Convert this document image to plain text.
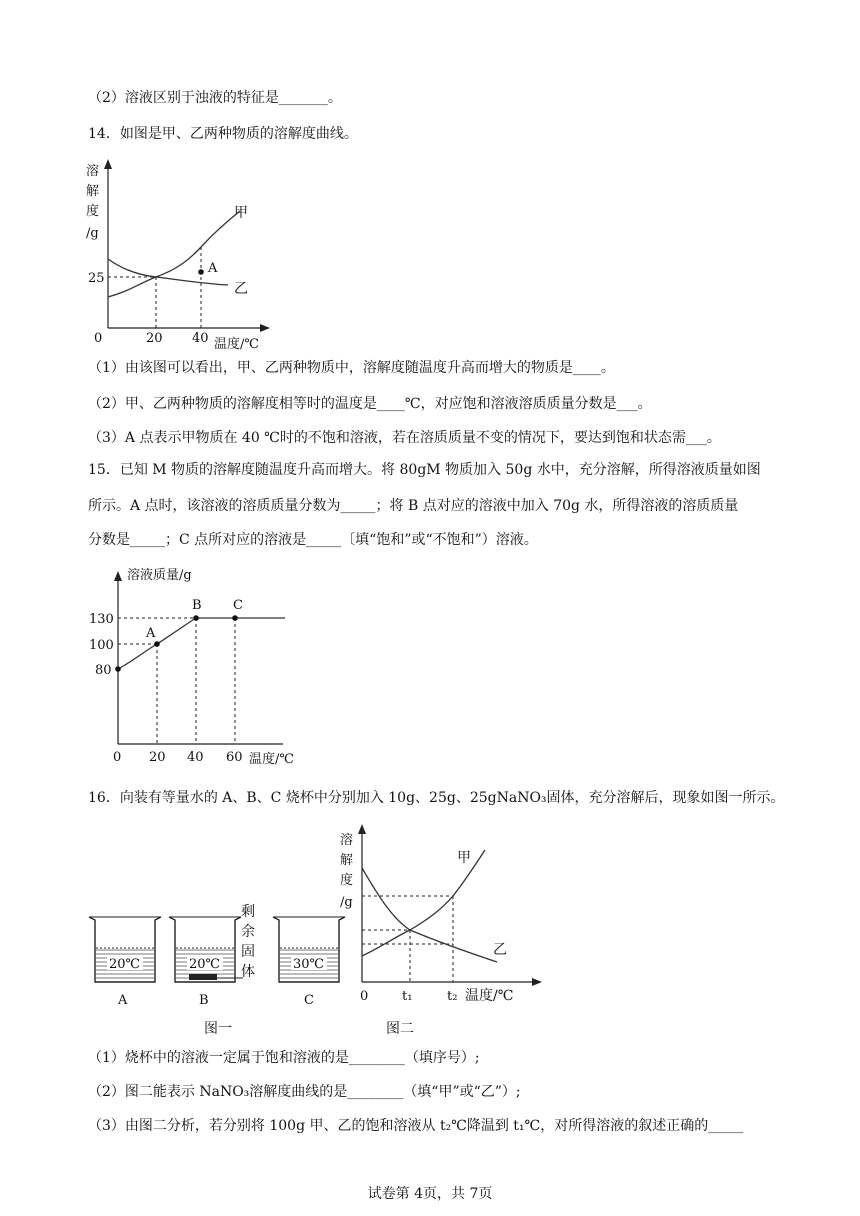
（2）溶液区别于浊液的特征是_______。
14．如图是甲、乙两种物质的溶解度曲线。
溶
解
度
/g
25
0	20 40 温度/℃
A
甲
乙
（1）由该图可以看出，甲、乙两种物质中，溶解度随温度升高而增大的物质是____。
（2）甲、乙两种物质的溶解度相等时的温度是____℃，对应饱和溶液溶质质量分数是___。
（3）A 点表示甲物质在 40 ℃时的不饱和溶液，若在溶质质量不变的情况下，要达到饱和状态需___。
15．已知 M 物质的溶解度随温度升高而增大。将 80gM 物质加入 50g 水中，充分溶解，所得溶液质量如图
所示。A 点时，该溶液的溶质质量分数为_____；将 B 点对应的溶液中加入 70g 水，所得溶液的溶质质量
分数是_____；C 点所对应的溶液是_____〔填“饱和”或“不饱和”）溶液。
溶液质量/g
130
100
80
0 20 40 60 温度/℃
A
B C
16．向装有等量水的 A、B、C 烧杯中分别加入 10g、25g、25gNaNO₃固体，充分溶解后，现象如图一所示。
20℃
A
20℃
B
剩
余
固
体	30℃
C
图一
溶
解
度
/g
0	t₁	t₂ 温度/℃
甲
乙
图二
（1）烧杯中的溶液一定属于饱和溶液的是________（填序号）;
（2）图二能表示 NaNO₃溶解度曲线的是________（填“甲”或“乙”）;
（3）由图二分析，若分别将 100g 甲、乙的饱和溶液从 t₂℃降温到 t₁℃，对所得溶液的叙述正确的_____
试卷第 4页，共 7页
